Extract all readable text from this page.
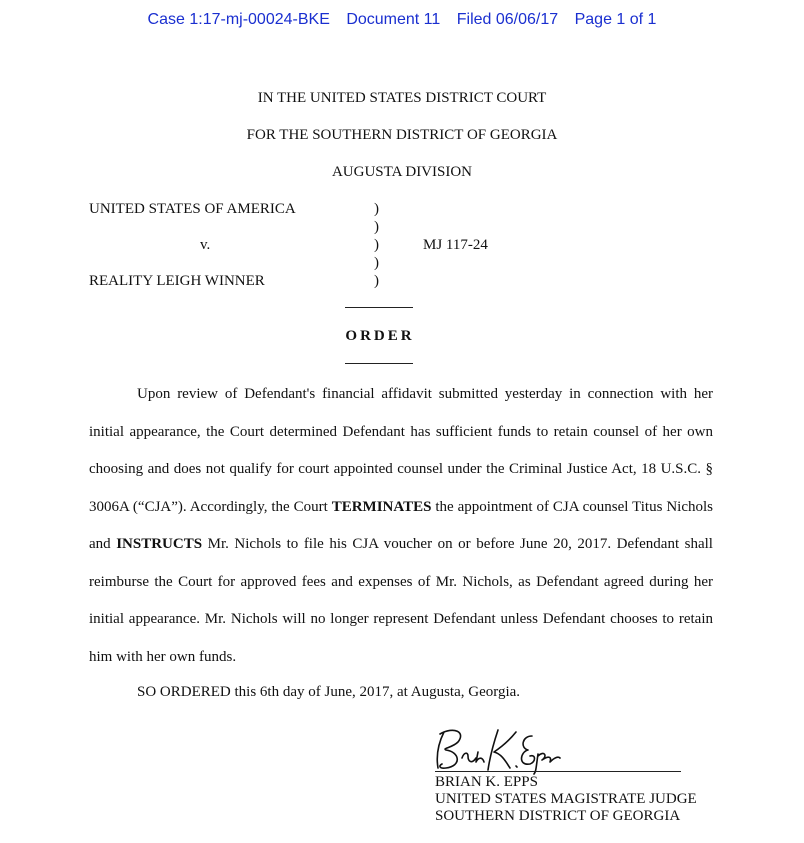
Case 1:17-mj-00024-BKE Document 11 Filed 06/06/17 Page 1 of 1
IN THE UNITED STATES DISTRICT COURT
FOR THE SOUTHERN DISTRICT OF GEORGIA
AUGUSTA DIVISION
UNITED STATES OF AMERICA
v.
REALITY LEIGH WINNER
MJ 117-24
)
)
)
)
)
ORDER

Upon review of Defendant's financial affidavit submitted yesterday in connection with her initial appearance, the Court determined Defendant has sufficient funds to retain counsel of her own choosing and does not qualify for court appointed counsel under the Criminal Justice Act, 18 U.S.C. § 3006A (“CJA”). Accordingly, the Court TERMINATES the appointment of CJA counsel Titus Nichols and INSTRUCTS Mr. Nichols to file his CJA voucher on or before June 20, 2017. Defendant shall reimburse the Court for approved fees and expenses of Mr. Nichols, as Defendant agreed during her initial appearance. Mr. Nichols will no longer represent Defendant unless Defendant chooses to retain him with her own funds.

SO ORDERED this 6th day of June, 2017, at Augusta, Georgia.

BRIAN K. EPPS
UNITED STATES MAGISTRATE JUDGE
SOUTHERN DISTRICT OF GEORGIA
